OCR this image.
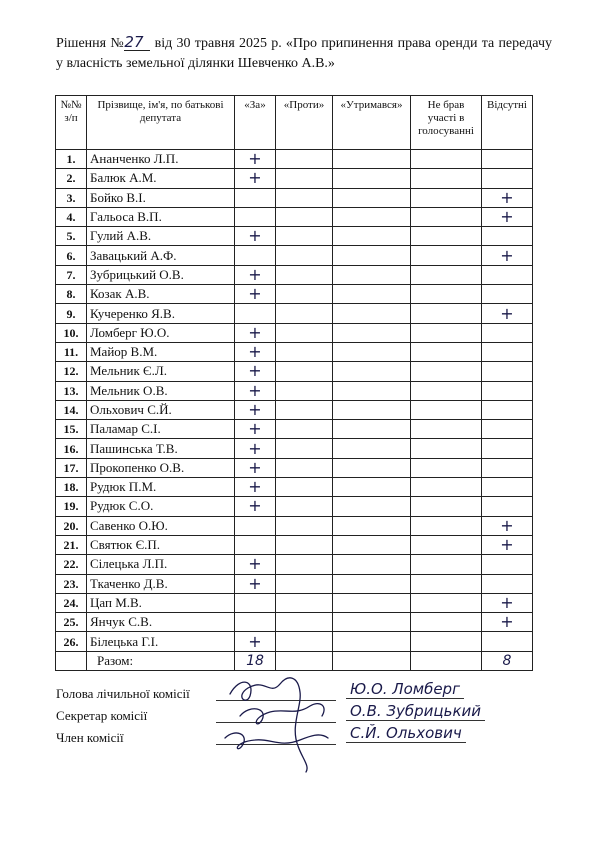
Рішення №27 від 30 травня 2025 р. «Про припинення права оренди та передачу у власність земельної ділянки Шевченко А.В.»
№№ з/п	Прізвище, ім'я, по батькові депутата	«За»	«Проти»	«Утримався»	Не брав участі в голосуванні	Відсутні
1.	Ананченко Л.П.	+				
2.	Балюк А.М.	+				
3.	Бойко В.І.					+
4.	Гальоса В.П.					+
5.	Гулий А.В.	+				
6.	Завацький А.Ф.					+
7.	Зубрицький О.В.	+				
8.	Козак А.В.	+				
9.	Кучеренко Я.В.					+
10.	Ломберг Ю.О.	+				
11.	Майор В.М.	+				
12.	Мельник Є.Л.	+				
13.	Мельник О.В.	+				
14.	Ольхович С.Й.	+				
15.	Паламар С.І.	+				
16.	Пашинська Т.В.	+				
17.	Прокопенко О.В.	+				
18.	Рудюк П.М.	+				
19.	Рудюк С.О.	+				
20.	Савенко О.Ю.					+
21.	Святюк Є.П.					+
22.	Сілецька Л.П.	+				
23.	Ткаченко Д.В.	+				
24.	Цап М.В.					+
25.	Янчук С.В.					+
26.	Білецька Г.І.	+				
	Разом:	18				8
Голова лічильної комісії	Ю.О. Ломберг
Секретар комісії	О.В. Зубрицький
Член комісії	С.Й. Ольхович
